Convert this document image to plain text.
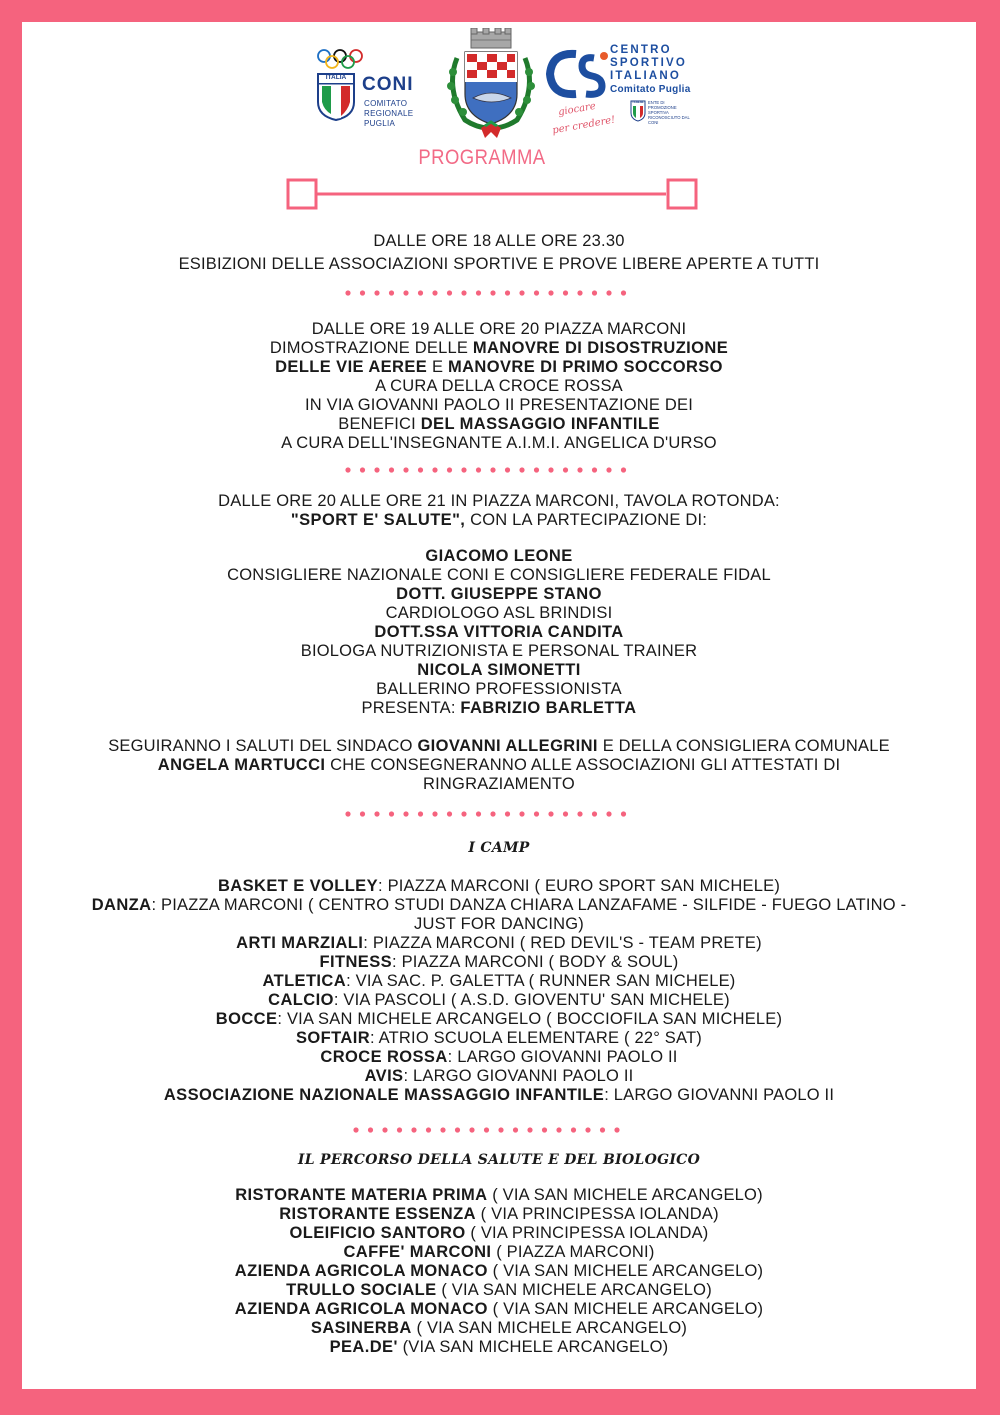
ITALIA CONI
COMITATO
REGIONALE
PUGLIA
CENTRO
SPORTIVO
ITALIANO
Comitato Puglia
giocare
per credere!
ITALIA	ENTE DI PROMOZIONE SPORTIVA RICONOSCIUTO DAL CONI
PROGRAMMA
DALLE ORE 18 ALLE ORE 23.30
ESIBIZIONI DELLE ASSOCIAZIONI SPORTIVE E PROVE LIBERE APERTE A TUTTI
DALLE ORE 19 ALLE ORE 20 PIAZZA MARCONI
DIMOSTRAZIONE DELLE MANOVRE DI DISOSTRUZIONE
DELLE VIE AEREE E MANOVRE DI PRIMO SOCCORSO
A CURA DELLA CROCE ROSSA
IN VIA GIOVANNI PAOLO II PRESENTAZIONE DEI
BENEFICI DEL MASSAGGIO INFANTILE
A CURA DELL'INSEGNANTE A.I.M.I. ANGELICA D'URSO
DALLE ORE 20 ALLE ORE 21 IN PIAZZA MARCONI, TAVOLA ROTONDA:
"SPORT E' SALUTE", CON LA PARTECIPAZIONE DI:
GIACOMO LEONE
CONSIGLIERE NAZIONALE CONI E CONSIGLIERE FEDERALE FIDAL
DOTT. GIUSEPPE STANO
CARDIOLOGO ASL BRINDISI
DOTT.SSA VITTORIA CANDITA
BIOLOGA NUTRIZIONISTA E PERSONAL TRAINER
NICOLA SIMONETTI
BALLERINO PROFESSIONISTA
PRESENTA: FABRIZIO BARLETTA
SEGUIRANNO I SALUTI DEL SINDACO GIOVANNI ALLEGRINI E DELLA CONSIGLIERA COMUNALE
ANGELA MARTUCCI CHE CONSEGNERANNO ALLE ASSOCIAZIONI GLI ATTESTATI DI
RINGRAZIAMENTO
I CAMP
BASKET E VOLLEY: PIAZZA MARCONI ( EURO SPORT SAN MICHELE)
DANZA: PIAZZA MARCONI ( CENTRO STUDI DANZA CHIARA LANZAFAME - SILFIDE - FUEGO LATINO -
JUST FOR DANCING)
ARTI MARZIALI: PIAZZA MARCONI ( RED DEVIL'S - TEAM PRETE)
FITNESS: PIAZZA MARCONI ( BODY & SOUL)
ATLETICA: VIA SAC. P. GALETTA ( RUNNER SAN MICHELE)
CALCIO: VIA PASCOLI ( A.S.D. GIOVENTU' SAN MICHELE)
BOCCE: VIA SAN MICHELE ARCANGELO ( BOCCIOFILA SAN MICHELE)
SOFTAIR: ATRIO SCUOLA ELEMENTARE ( 22° SAT)
CROCE ROSSA: LARGO GIOVANNI PAOLO II
AVIS: LARGO GIOVANNI PAOLO II
ASSOCIAZIONE NAZIONALE MASSAGGIO INFANTILE: LARGO GIOVANNI PAOLO II
IL PERCORSO DELLA SALUTE E DEL BIOLOGICO
RISTORANTE MATERIA PRIMA ( VIA SAN MICHELE ARCANGELO)
RISTORANTE ESSENZA ( VIA PRINCIPESSA IOLANDA)
OLEIFICIO SANTORO ( VIA PRINCIPESSA IOLANDA)
CAFFE' MARCONI ( PIAZZA MARCONI)
AZIENDA AGRICOLA MONACO ( VIA SAN MICHELE ARCANGELO)
TRULLO SOCIALE ( VIA SAN MICHELE ARCANGELO)
AZIENDA AGRICOLA MONACO ( VIA SAN MICHELE ARCANGELO)
SASINERBA ( VIA SAN MICHELE ARCANGELO)
PEA.DE' (VIA SAN MICHELE ARCANGELO)
